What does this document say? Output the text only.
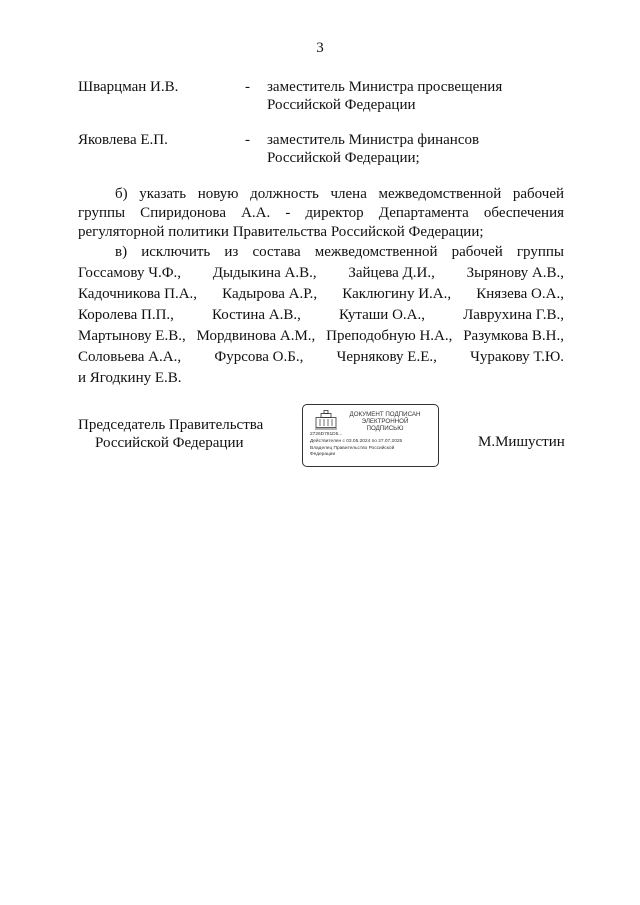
3
Шварцман И.В.	- заместитель Министра просвещения
Российской Федерации
Яковлева Е.П.	- заместитель Министра финансов
Российской Федерации;
б) указать новую должность члена межведомственной рабочей группы Спиридонова А.А. - директор Департамента обеспечения регуляторной политики Правительства Российской Федерации;
в) исключить из состава межведомственной рабочей группы
Госсамову Ч.Ф., Дыдыкина А.В., Зайцева Д.И., Зырянову А.В.,
Кадочникова П.А., Кадырова А.Р., Каклюгину И.А., Князева О.А.,
Королева П.П.,	Костина А.В.,	Куташи О.А.,	Лаврухина Г.В.,
Мартынову Е.В., Мордвинова А.М., Преподобную Н.А., Разумкова В.Н.,
Соловьева А.А., Фурсова О.Б., Чернякову Е.Е., Чуракову Т.Ю.
и Ягодкину Е.В.
Председатель Правительства
Российской Федерации
ДОКУМЕНТ ПОДПИСАН
ЭЛЕКТРОННОЙ ПОДПИСЬЮ
2726D781D5...
Действителен с 03.05.2024 по 27.07.2025
Владелец Правительство Российской
Федерации
М.Мишустин
